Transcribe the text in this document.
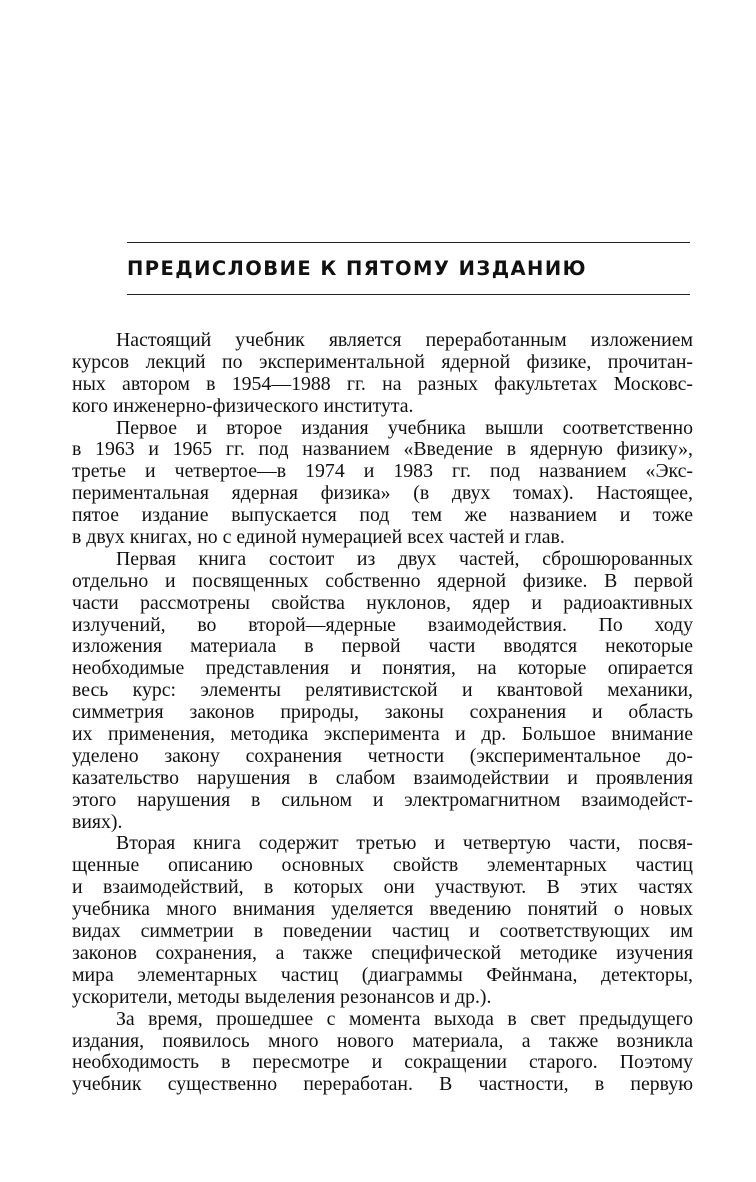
ПРЕДИСЛОВИЕ К ПЯТОМУ ИЗДАНИЮ

Настоящий учебник является переработанным изложением
курсов лекций по экспериментальной ядерной физике, прочитан-
ных автором в 1954—1988 гг. на разных факультетах Московс-
кого инженерно-физического института.

Первое и второе издания учебника вышли соответственно
в 1963 и 1965 гг. под названием «Введение в ядерную физику»,
третье и четвертое—в 1974 и 1983 гг. под названием «Экс-
периментальная ядерная физика» (в двух томах). Настоящее,
пятое издание выпускается под тем же названием и тоже
в двух книгах, но с единой нумерацией всех частей и глав.

Первая книга состоит из двух частей, сброшюрованных
отдельно и посвященных собственно ядерной физике. В первой
части рассмотрены свойства нуклонов, ядер и радиоактивных
излучений, во второй—ядерные взаимодействия. По ходу
изложения материала в первой части вводятся некоторые
необходимые представления и понятия, на которые опирается
весь курс: элементы релятивистской и квантовой механики,
симметрия законов природы, законы сохранения и область
их применения, методика эксперимента и др. Большое внимание
уделено закону сохранения четности (экспериментальное до-
казательство нарушения в слабом взаимодействии и проявления
этого нарушения в сильном и электромагнитном взаимодейст-
виях).

Вторая книга содержит третью и четвертую части, посвя-
щенные описанию основных свойств элементарных частиц
и взаимодействий, в которых они участвуют. В этих частях
учебника много внимания уделяется введению понятий о новых
видах симметрии в поведении частиц и соответствующих им
законов сохранения, а также специфической методике изучения
мира элементарных частиц (диаграммы Фейнмана, детекторы,
ускорители, методы выделения резонансов и др.).

За время, прошедшее с момента выхода в свет предыдущего
издания, появилось много нового материала, а также возникла
необходимость в пересмотре и сокращении старого. Поэтому
учебник существенно переработан. В частности, в первую
